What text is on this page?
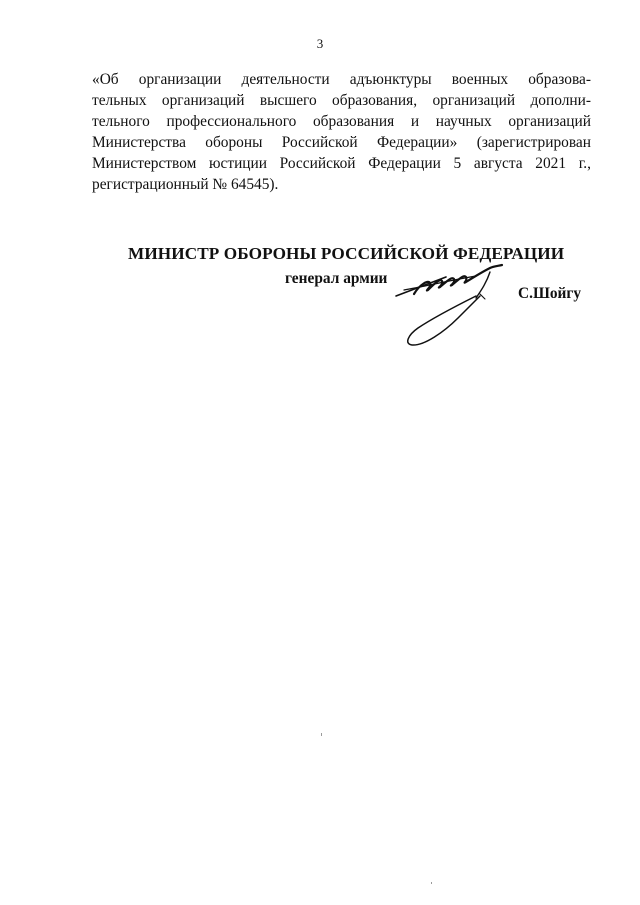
3
«Об организации деятельности адъюнктуры военных образова-
тельных организаций высшего образования, организаций дополни-
тельного профессионального образования и научных организаций
Министерства обороны Российской Федерации» (зарегистрирован
Министерством юстиции Российской Федерации 5 августа 2021 г.,
регистрационный № 64545).
МИНИСТР ОБОРОНЫ РОССИЙСКОЙ ФЕДЕРАЦИИ
генерал армии
С.Шойгу
